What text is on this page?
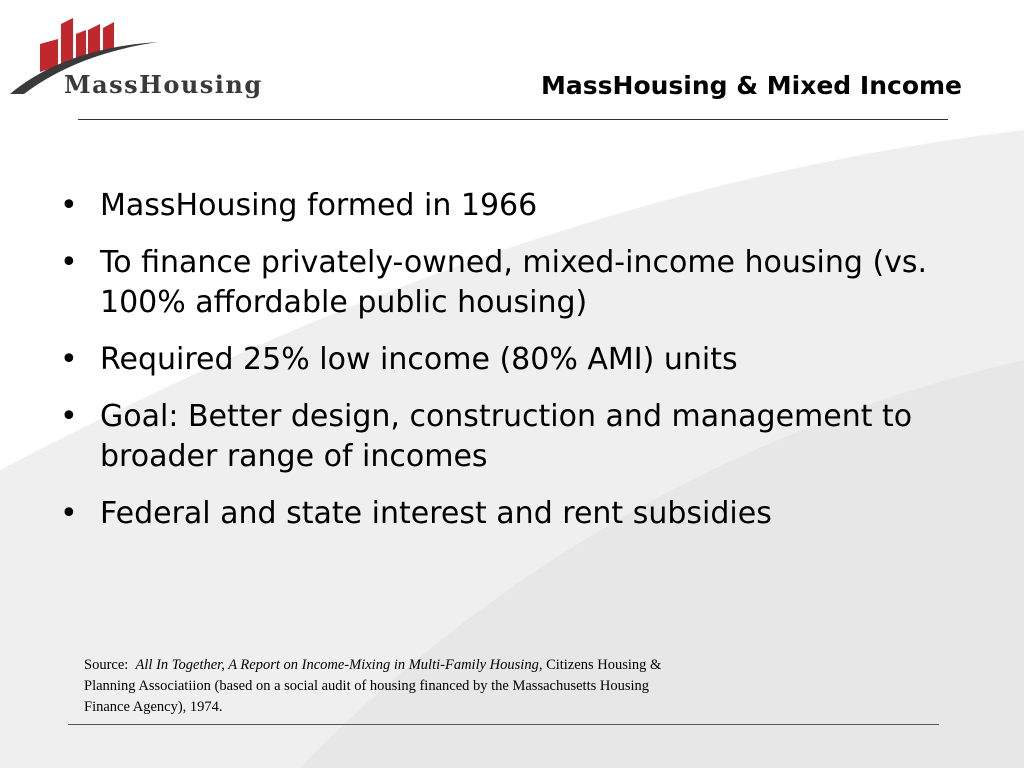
MassHousing	MassHousing & Mixed Income
• MassHousing formed in 1966
• To finance privately-owned, mixed-income housing (vs. 100% affordable public housing)
• Required 25% low income (80% AMI) units
• Goal: Better design, construction and management to broader range of incomes
• Federal and state interest and rent subsidies

Source: All In Together, A Report on Income-Mixing in Multi-Family Housing, Citizens Housing & Planning Associatiion (based on a social audit of housing financed by the Massachusetts Housing Finance Agency), 1974.
